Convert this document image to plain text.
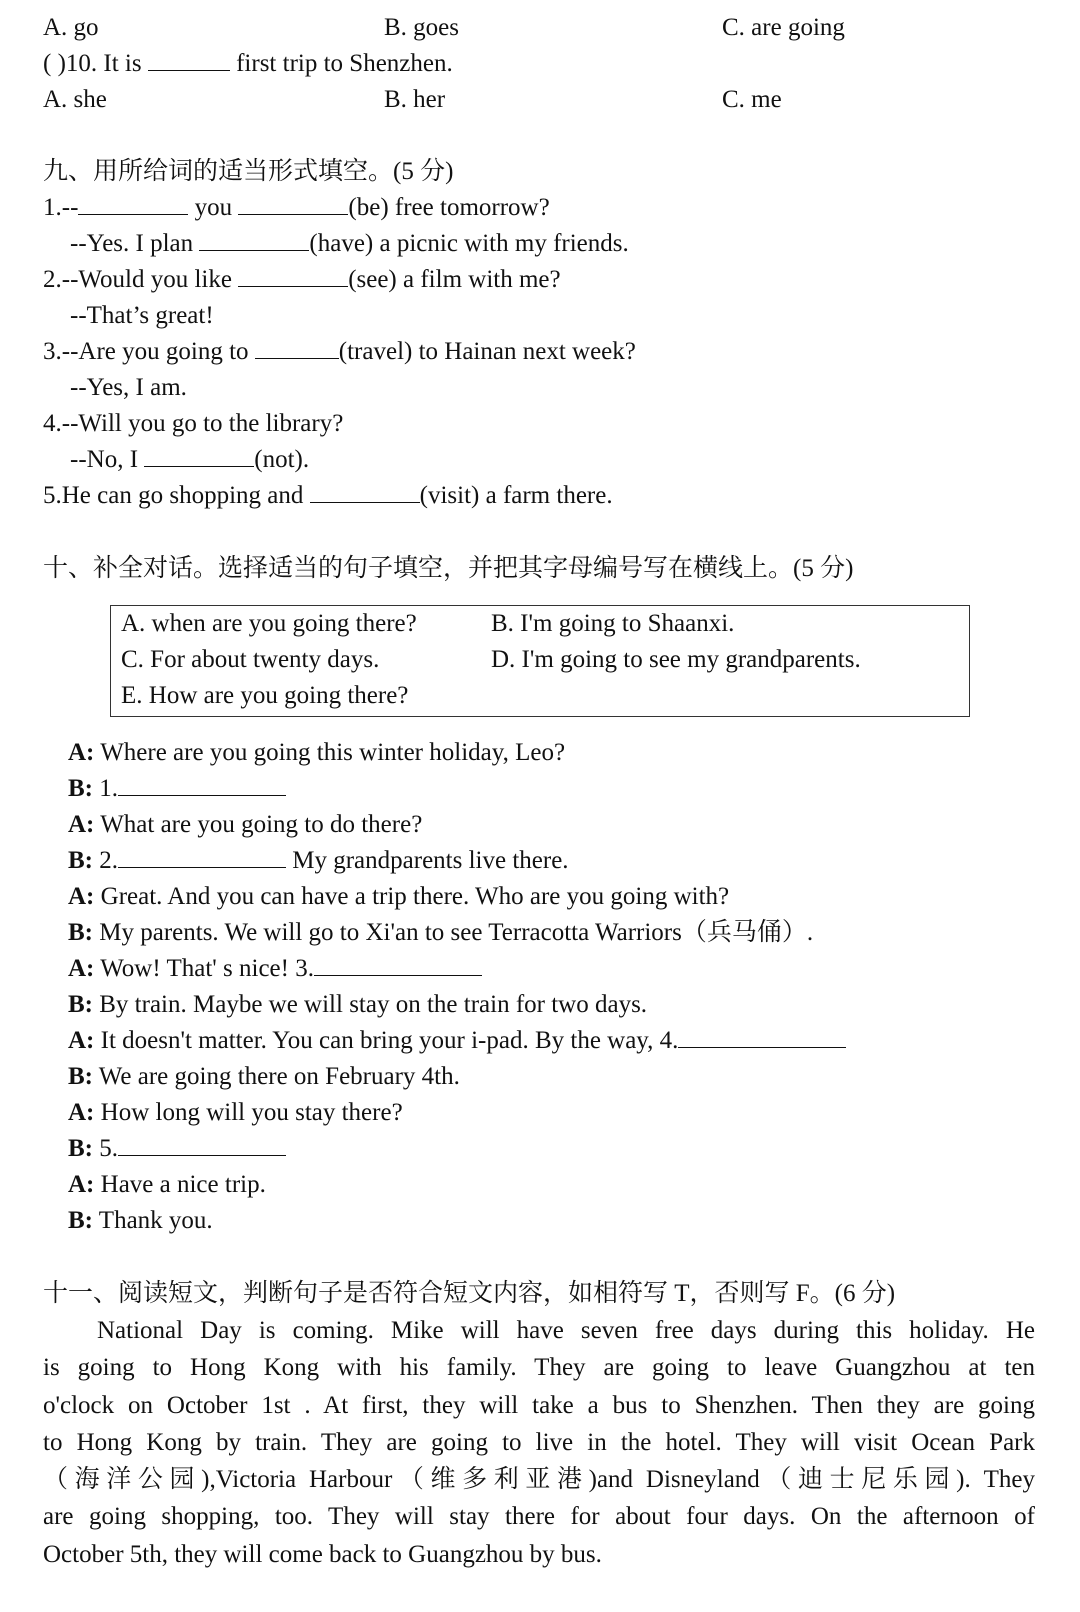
A. go	B. goes	C. are going
( )10. It is	first trip to Shenzhen.
A. she	B. her	C. me
九、用所给词的适当形式填空。(5 分)
1.--	you	(be) free tomorrow?
--Yes. I plan	(have) a picnic with my friends.
2.--Would you like	(see) a film with me?
--That’s great!
3.--Are you going to	(travel) to Hainan next week?
--Yes, I am.
4.--Will you go to the library?
--No, I	(not).
5.He can go shopping and	(visit) a farm there.
十、补全对话。选择适当的句子填空，并把其字母编号写在横线上。(5 分)
A. when are you going there?	B. I'm going to Shaanxi.
C. For about twenty days.	D. I'm going to see my grandparents.
E. How are you going there?
A: Where are you going this winter holiday, Leo?
B: 1.
A: What are you going to do there?
B: 2.	My grandparents live there.
A: Great. And you can have a trip there. Who are you going with?
B: My parents. We will go to Xi'an to see Terracotta Warriors（兵马俑）.
A: Wow! That' s nice! 3.
B: By train. Maybe we will stay on the train for two days.
A: It doesn't matter. You can bring your i-pad. By the way, 4.
B: We are going there on February 4th.
A: How long will you stay there?
B: 5.
A: Have a nice trip.
B: Thank you.
十一、阅读短文，判断句子是否符合短文内容，如相符写 T，否则写 F。(6 分)
National Day is coming. Mike will have seven free days during this holiday. He
is going to Hong Kong with his family. They are going to leave Guangzhou at ten
o'clock on October 1st . At first, they will take a bus to Shenzhen. Then they are going
to Hong Kong by train. They are going to live in the hotel. They will visit Ocean Park
（海洋公园),Victoria Harbour（维多利亚港)and Disneyland（迪士尼乐园). They
are going shopping, too. They will stay there for about four days. On the afternoon of
October 5th, they will come back to Guangzhou by bus.
